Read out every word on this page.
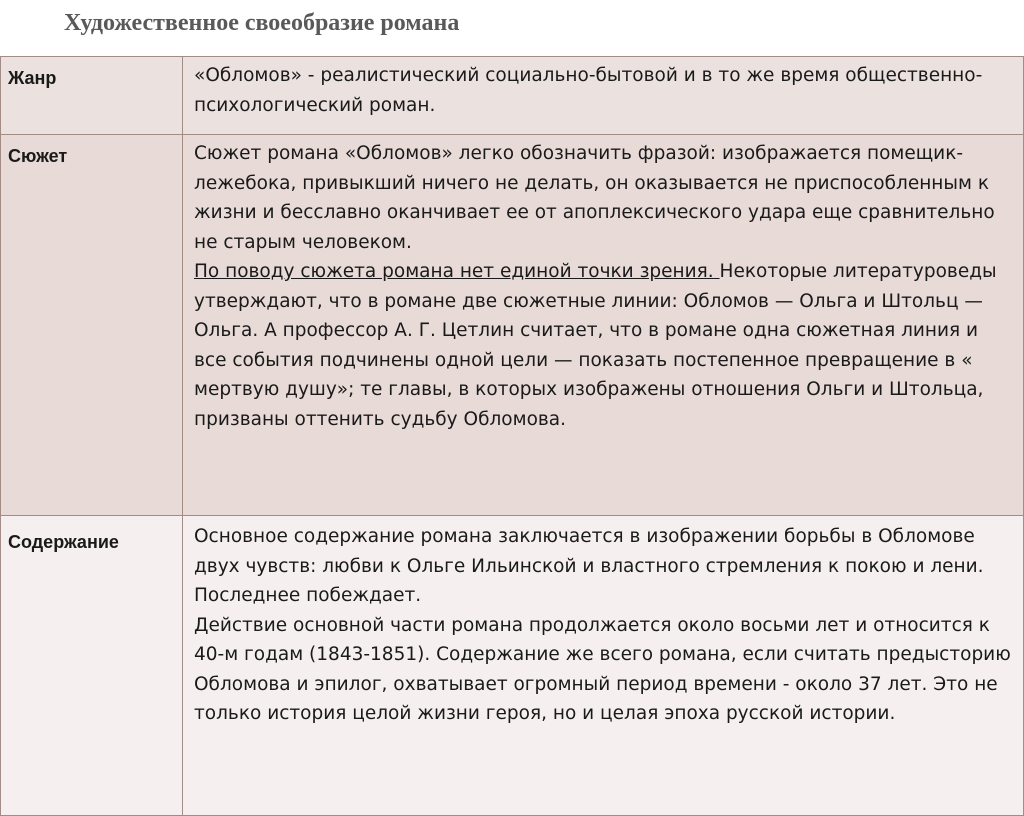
Художественное своеобразие романа
Жанр	«Обломов» - реалистический социально-бытовой и в то же время общественно-психологический роман.

Сюжет	Сюжет романа «Обломов» легко обозначить фразой: изображается помещик-лежебока, привыкший ничего не делать, он оказывается не приспособленным к жизни и бесславно оканчивает ее от апоплексического удара еще сравнительно не старым человеком.
По поводу сюжета романа нет единой точки зрения. Некоторые литературоведы утверждают, что в романе две сюжетные линии: Обломов — Ольга и Штольц — Ольга. А профессор А. Г. Цетлин считает, что в романе одна сюжетная линия и все события подчинены одной цели — показать постепенное превращение в « мертвую душу»; те главы, в которых изображены отношения Ольги и Штольца, призваны оттенить судьбу Обломова.

Содержание	Основное содержание романа заключается в изображении борьбы в Обломове двух чувств: любви к Ольге Ильинской и властного стремления к покою и лени. Последнее побеждает.
Действие основной части романа продолжается около восьми лет и относится к 40-м годам (1843-1851). Содержание же всего романа, если считать предысторию Обломова и эпилог, охватывает огромный период времени - около 37 лет. Это не только история целой жизни героя, но и целая эпоха русской истории.
